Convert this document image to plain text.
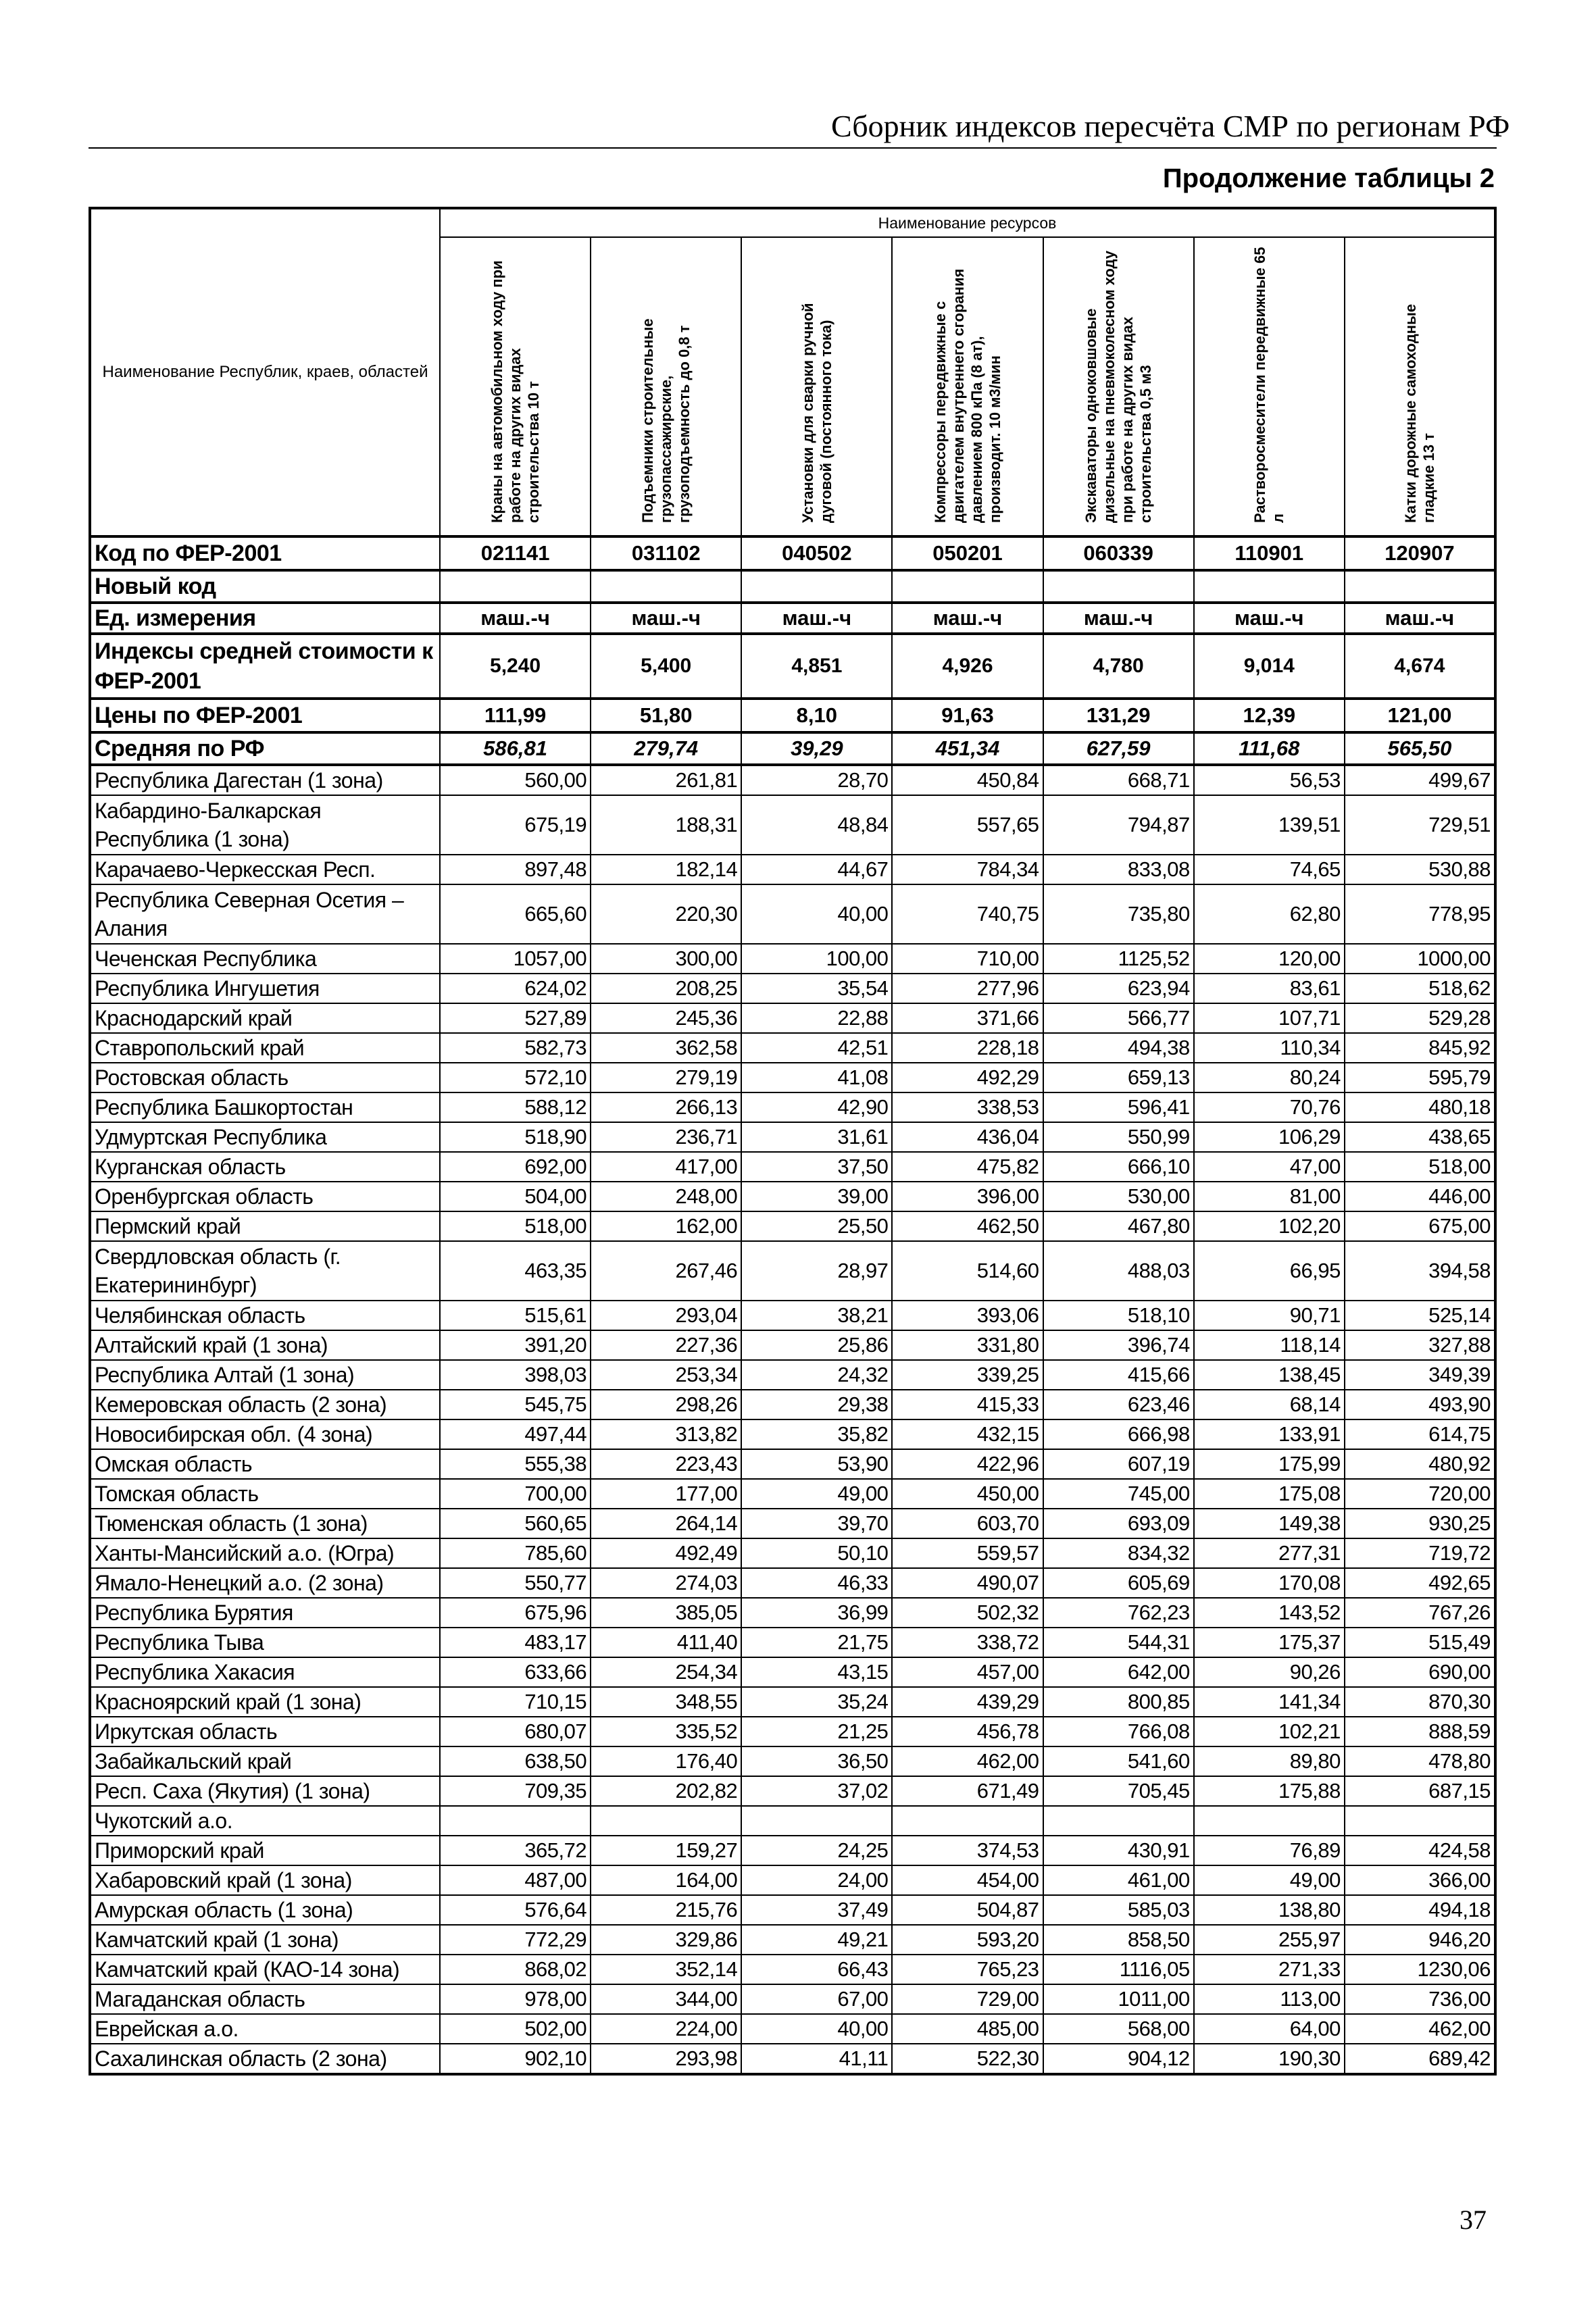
Сборник индексов пересчёта СМР по регионам РФ
Продолжение таблицы 2
Наименование Республик, краев, областей	Наименование ресурсов						
	Краны на автомобильном ходу при работе на других видах строительства 10 т	Подъемники строительные грузопассажирские, грузоподъемность до 0,8 т	Установки для сварки ручной дуговой (постоянного тока)	Компрессоры передвижные с двигателем внутреннего сгорания давлением 800 кПа (8 ат), производит. 10 м3/мин	Экскаваторы одноковшовые дизельные на пневмоколесном ходу при работе на других видах строительства 0,5 м3	Растворосмесители передвижные 65 л	Катки дорожные самоходные гладкие 13 т
Код по ФЕР-2001	021141	031102	040502	050201	060339	110901	120907
Новый код							
Ед. измерения	маш.-ч	маш.-ч	маш.-ч	маш.-ч	маш.-ч	маш.-ч	маш.-ч
Индексы средней стоимости к ФЕР-2001	5,240	5,400	4,851	4,926	4,780	9,014	4,674
Цены по ФЕР-2001	111,99	51,80	8,10	91,63	131,29	12,39	121,00
Средняя по РФ	586,81	279,74	39,29	451,34	627,59	111,68	565,50
Республика Дагестан (1 зона)	560,00	261,81	28,70	450,84	668,71	56,53	499,67
Кабардино-Балкарская Республика (1 зона)	675,19	188,31	48,84	557,65	794,87	139,51	729,51
Карачаево-Черкесская Респ.	897,48	182,14	44,67	784,34	833,08	74,65	530,88
Республика Северная Осетия – Алания	665,60	220,30	40,00	740,75	735,80	62,80	778,95
Чеченская Республика	1057,00	300,00	100,00	710,00	1125,52	120,00	1000,00
Республика Ингушетия	624,02	208,25	35,54	277,96	623,94	83,61	518,62
Краснодарский край	527,89	245,36	22,88	371,66	566,77	107,71	529,28
Ставропольский край	582,73	362,58	42,51	228,18	494,38	110,34	845,92
Ростовская область	572,10	279,19	41,08	492,29	659,13	80,24	595,79
Республика Башкортостан	588,12	266,13	42,90	338,53	596,41	70,76	480,18
Удмуртская Республика	518,90	236,71	31,61	436,04	550,99	106,29	438,65
Курганская область	692,00	417,00	37,50	475,82	666,10	47,00	518,00
Оренбургская область	504,00	248,00	39,00	396,00	530,00	81,00	446,00
Пермский край	518,00	162,00	25,50	462,50	467,80	102,20	675,00
Свердловская область (г. Екатерининбург)	463,35	267,46	28,97	514,60	488,03	66,95	394,58
Челябинская область	515,61	293,04	38,21	393,06	518,10	90,71	525,14
Алтайский край (1 зона)	391,20	227,36	25,86	331,80	396,74	118,14	327,88
Республика Алтай (1 зона)	398,03	253,34	24,32	339,25	415,66	138,45	349,39
Кемеровская область (2 зона)	545,75	298,26	29,38	415,33	623,46	68,14	493,90
Новосибирская обл. (4 зона)	497,44	313,82	35,82	432,15	666,98	133,91	614,75
Омская область	555,38	223,43	53,90	422,96	607,19	175,99	480,92
Томская область	700,00	177,00	49,00	450,00	745,00	175,08	720,00
Тюменская область (1 зона)	560,65	264,14	39,70	603,70	693,09	149,38	930,25
Ханты-Мансийский а.о. (Югра)	785,60	492,49	50,10	559,57	834,32	277,31	719,72
Ямало-Ненецкий а.о. (2 зона)	550,77	274,03	46,33	490,07	605,69	170,08	492,65
Республика Бурятия	675,96	385,05	36,99	502,32	762,23	143,52	767,26
Республика Тыва	483,17	411,40	21,75	338,72	544,31	175,37	515,49
Республика Хакасия	633,66	254,34	43,15	457,00	642,00	90,26	690,00
Красноярский край (1 зона)	710,15	348,55	35,24	439,29	800,85	141,34	870,30
Иркутская область	680,07	335,52	21,25	456,78	766,08	102,21	888,59
Забайкальский край	638,50	176,40	36,50	462,00	541,60	89,80	478,80
Респ. Саха (Якутия) (1 зона)	709,35	202,82	37,02	671,49	705,45	175,88	687,15
Чукотский а.о.							
Приморский край	365,72	159,27	24,25	374,53	430,91	76,89	424,58
Хабаровский край (1 зона)	487,00	164,00	24,00	454,00	461,00	49,00	366,00
Амурская область (1 зона)	576,64	215,76	37,49	504,87	585,03	138,80	494,18
Камчатский край (1 зона)	772,29	329,86	49,21	593,20	858,50	255,97	946,20
Камчатский край (КАО-14 зона)	868,02	352,14	66,43	765,23	1116,05	271,33	1230,06
Магаданская область	978,00	344,00	67,00	729,00	1011,00	113,00	736,00
Еврейская а.о.	502,00	224,00	40,00	485,00	568,00	64,00	462,00
Сахалинская область (2 зона)	902,10	293,98	41,11	522,30	904,12	190,30	689,42
37
